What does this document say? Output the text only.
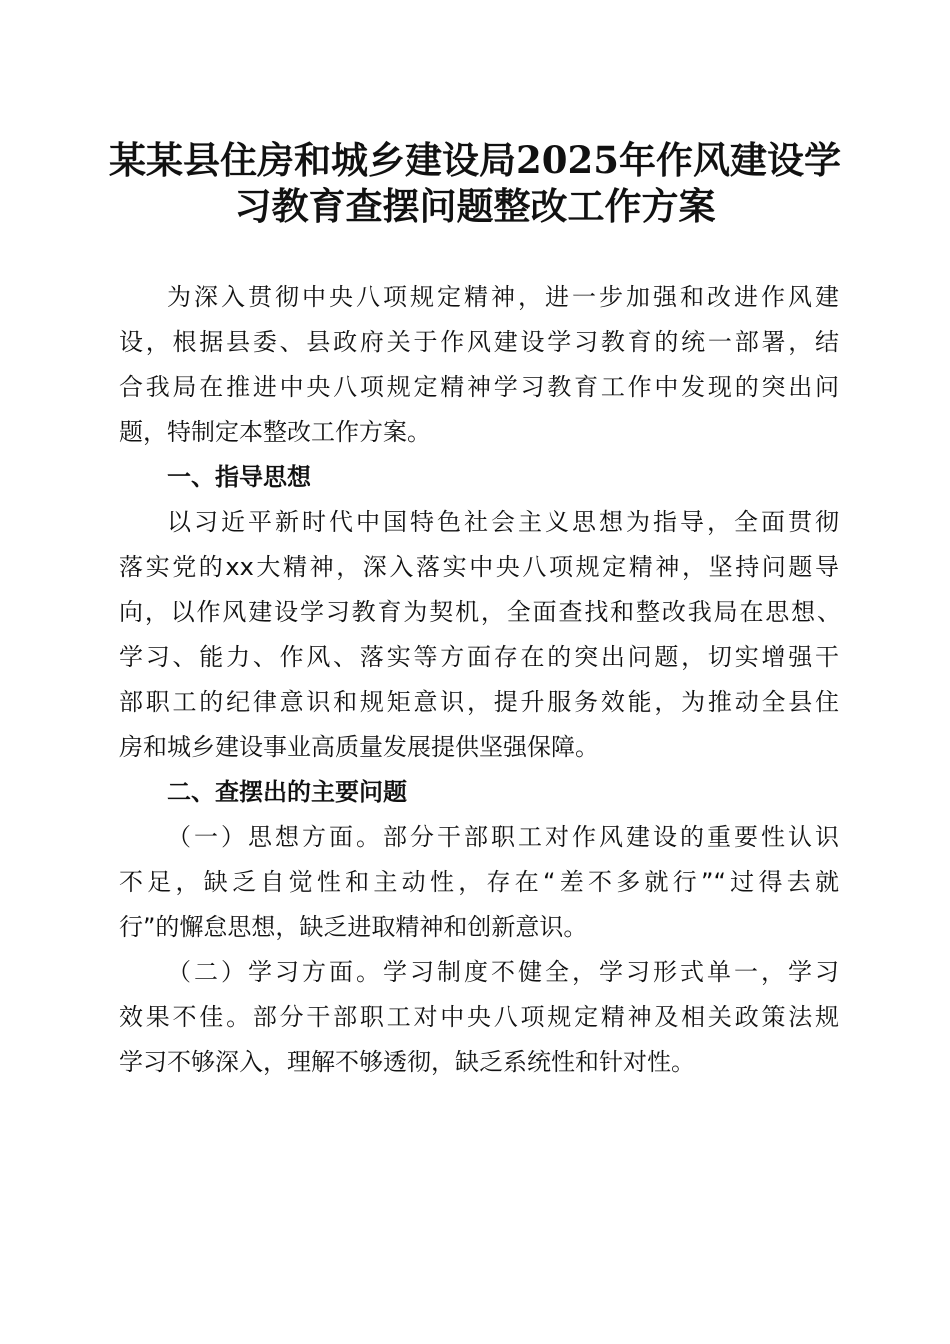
某某县住房和城乡建设局2025年作风建设学
习教育查摆问题整改工作方案
为深入贯彻中央八项规定精神，进一步加强和改进作风建
设，根据县委、县政府关于作风建设学习教育的统一部署，结
合我局在推进中央八项规定精神学习教育工作中发现的突出问
题，特制定本整改工作方案。
一、指导思想
以习近平新时代中国特色社会主义思想为指导，全面贯彻
落实党的xx大精神，深入落实中央八项规定精神，坚持问题导
向，以作风建设学习教育为契机，全面查找和整改我局在思想、
学习、能力、作风、落实等方面存在的突出问题，切实增强干
部职工的纪律意识和规矩意识，提升服务效能，为推动全县住
房和城乡建设事业高质量发展提供坚强保障。
二、查摆出的主要问题
（一）思想方面。部分干部职工对作风建设的重要性认识
不足，缺乏自觉性和主动性，存在“差不多就行”“过得去就
行”的懈怠思想，缺乏进取精神和创新意识。
（二）学习方面。学习制度不健全，学习形式单一，学习
效果不佳。部分干部职工对中央八项规定精神及相关政策法规
学习不够深入，理解不够透彻，缺乏系统性和针对性。
